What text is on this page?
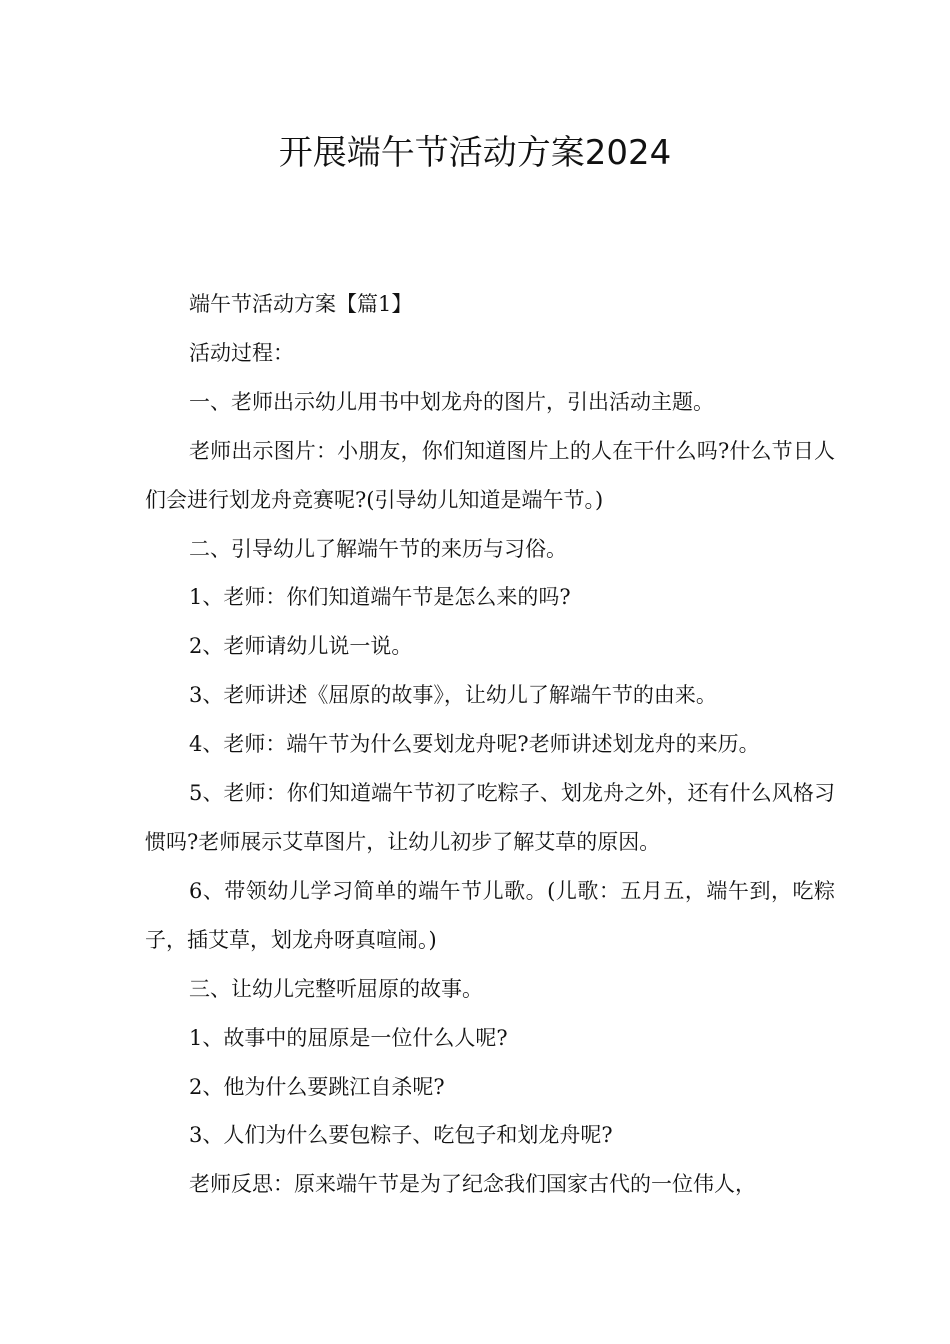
开展端午节活动方案2024

端午节活动方案【篇1】

活动过程：

一、老师出示幼儿用书中划龙舟的图片，引出活动主题。

老师出示图片：小朋友，你们知道图片上的人在干什么吗?什么节日人们会进行划龙舟竞赛呢?(引导幼儿知道是端午节。)

二、引导幼儿了解端午节的来历与习俗。

1、老师：你们知道端午节是怎么来的吗?

2、老师请幼儿说一说。

3、老师讲述《屈原的故事》，让幼儿了解端午节的由来。

4、老师：端午节为什么要划龙舟呢?老师讲述划龙舟的来历。

5、老师：你们知道端午节初了吃粽子、划龙舟之外，还有什么风格习惯吗?老师展示艾草图片，让幼儿初步了解艾草的原因。

6、带领幼儿学习简单的端午节儿歌。(儿歌：五月五，端午到，吃粽子，插艾草，划龙舟呀真喧闹。)

三、让幼儿完整听屈原的故事。

1、故事中的屈原是一位什么人呢?

2、他为什么要跳江自杀呢?

3、人们为什么要包粽子、吃包子和划龙舟呢?

老师反思：原来端午节是为了纪念我们国家古代的一位伟人，
